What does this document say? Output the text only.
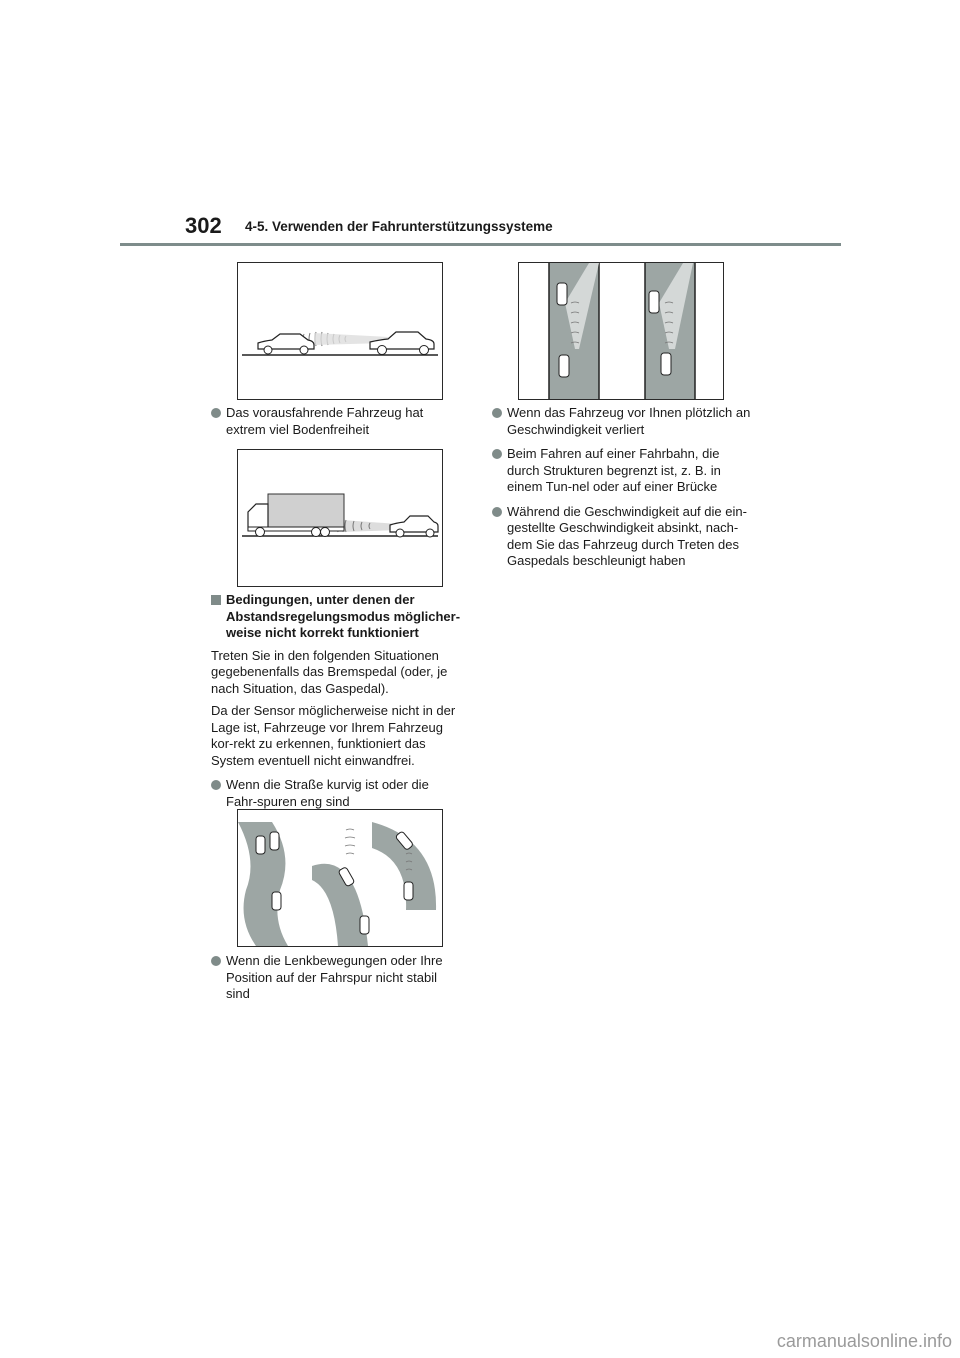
302 4-5. Verwenden der Fahrunterstützungssysteme
Das vorausfahrende Fahrzeug hat extrem viel Bodenfreiheit
Bedingungen, unter denen der Abstandsregelungsmodus möglicher-weise nicht korrekt funktioniert

Treten Sie in den folgenden Situationen gegebenenfalls das Bremspedal (oder, je nach Situation, das Gaspedal).

Da der Sensor möglicherweise nicht in der Lage ist, Fahrzeuge vor Ihrem Fahrzeug kor-rekt zu erkennen, funktioniert das System eventuell nicht einwandfrei.

Wenn die Straße kurvig ist oder die Fahr-spuren eng sind
Wenn die Lenkbewegungen oder Ihre Position auf der Fahrspur nicht stabil sind
Wenn das Fahrzeug vor Ihnen plötzlich an Geschwindigkeit verliert
Beim Fahren auf einer Fahrbahn, die durch Strukturen begrenzt ist, z. B. in einem Tun-nel oder auf einer Brücke
Während die Geschwindigkeit auf die ein-gestellte Geschwindigkeit absinkt, nach-dem Sie das Fahrzeug durch Treten des Gaspedals beschleunigt haben
carmanualsonline.info
